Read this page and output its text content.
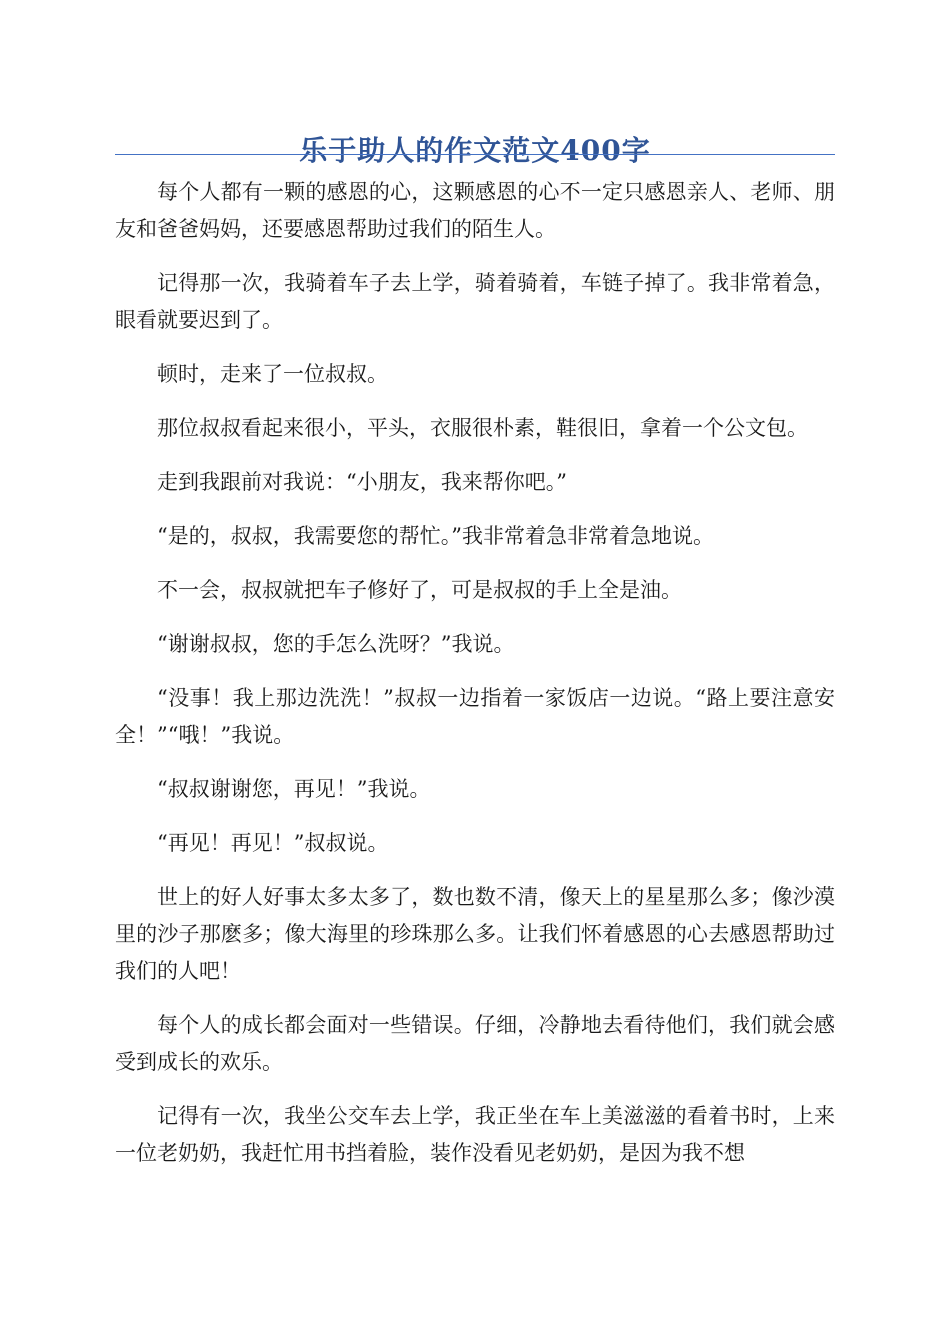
乐于助人的作文范文400字

每个人都有一颗的感恩的心，这颗感恩的心不一定只感恩亲人、老师、朋友和爸爸妈妈，还要感恩帮助过我们的陌生人。

记得那一次，我骑着车子去上学，骑着骑着，车链子掉了。我非常着急，眼看就要迟到了。

顿时，走来了一位叔叔。

那位叔叔看起来很小，平头，衣服很朴素，鞋很旧，拿着一个公文包。

走到我跟前对我说：“小朋友，我来帮你吧。”

“是的，叔叔，我需要您的帮忙。”我非常着急非常着急地说。

不一会，叔叔就把车子修好了，可是叔叔的手上全是油。

“谢谢叔叔，您的手怎么洗呀？”我说。

“没事！我上那边洗洗！”叔叔一边指着一家饭店一边说。“路上要注意安全！”“哦！”我说。

“叔叔谢谢您，再见！”我说。

“再见！再见！”叔叔说。

世上的好人好事太多太多了，数也数不清，像天上的星星那么多；像沙漠里的沙子那麽多；像大海里的珍珠那么多。让我们怀着感恩的心去感恩帮助过我们的人吧！

每个人的成长都会面对一些错误。仔细，冷静地去看待他们，我们就会感受到成长的欢乐。

记得有一次，我坐公交车去上学，我正坐在车上美滋滋的看着书时，上来一位老奶奶，我赶忙用书挡着脸，装作没看见老奶奶，是因为我不想
